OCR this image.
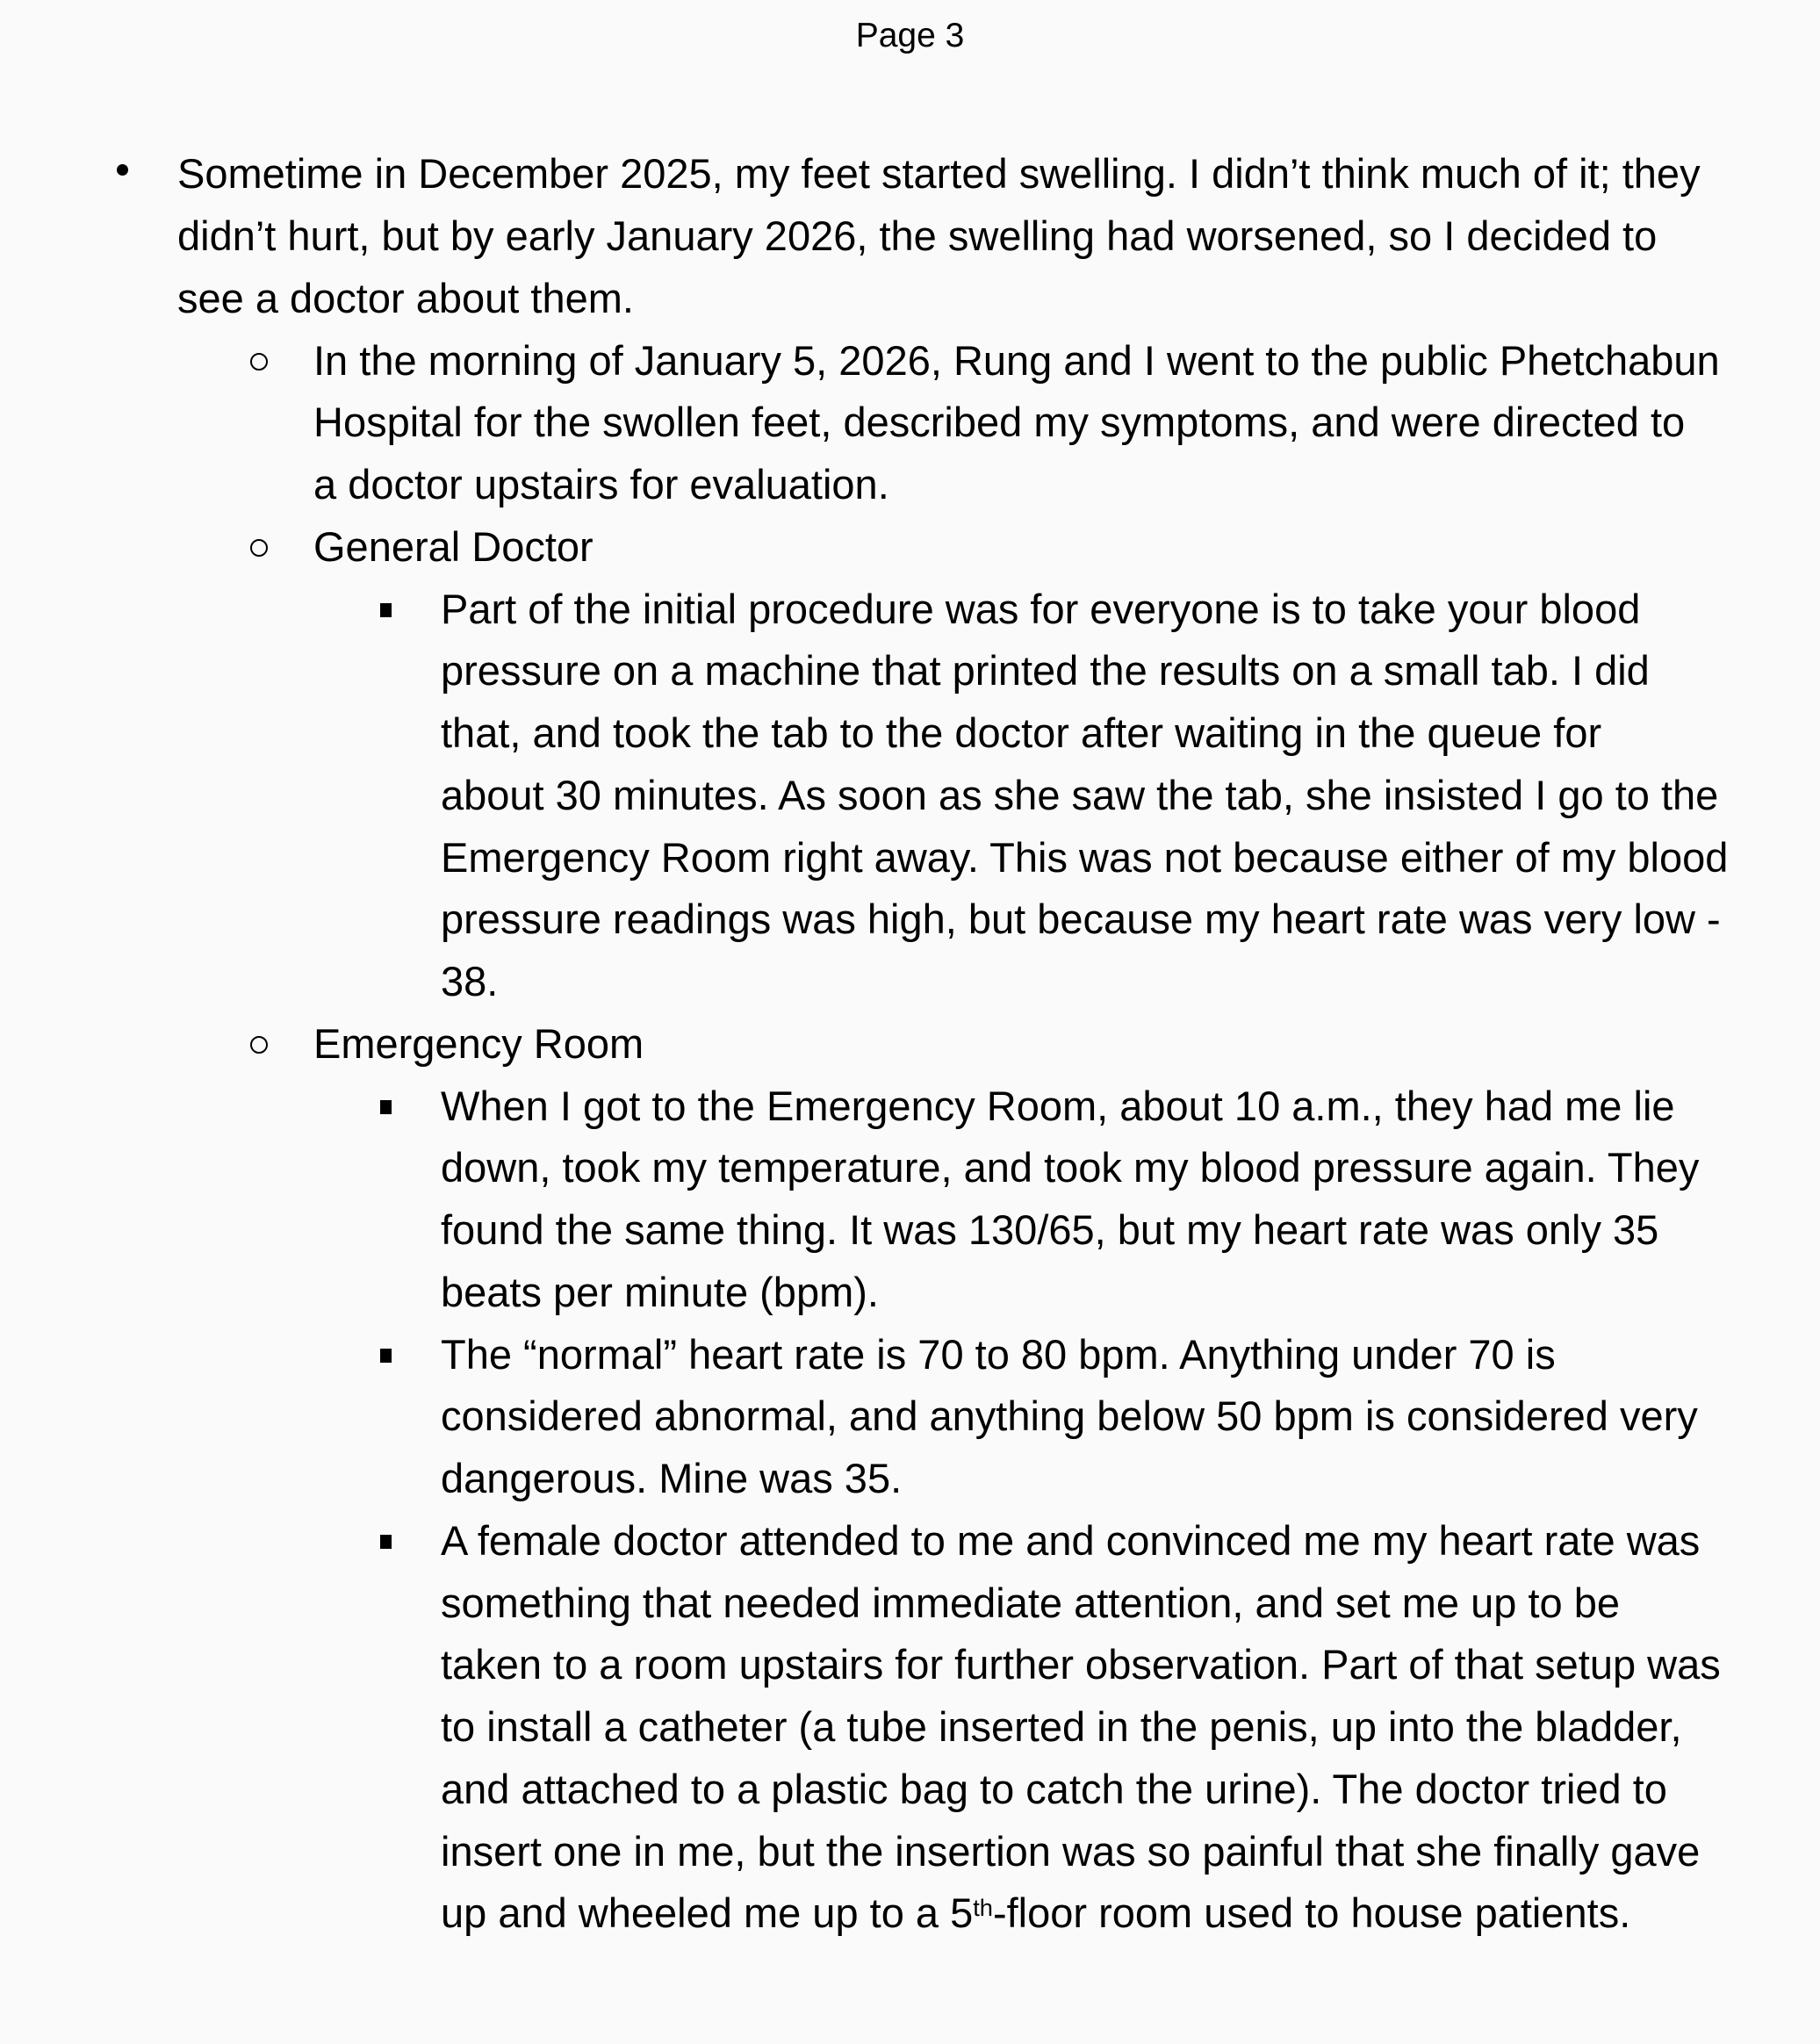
Page 3
Sometime in December 2025, my feet started swelling. I didn’t think much of it; they
didn’t hurt, but by early January 2026, the swelling had worsened, so I decided to
see a doctor about them.
In the morning of January 5, 2026, Rung and I went to the public Phetchabun
Hospital for the swollen feet, described my symptoms, and were directed to
a doctor upstairs for evaluation.
General Doctor
Part of the initial procedure was for everyone is to take your blood
pressure on a machine that printed the results on a small tab. I did
that, and took the tab to the doctor after waiting in the queue for
about 30 minutes. As soon as she saw the tab, she insisted I go to the
Emergency Room right away. This was not because either of my blood
pressure readings was high, but because my heart rate was very low -
38.
Emergency Room
When I got to the Emergency Room, about 10 a.m., they had me lie
down, took my temperature, and took my blood pressure again. They
found the same thing. It was 130/65, but my heart rate was only 35
beats per minute (bpm).
The “normal” heart rate is 70 to 80 bpm. Anything under 70 is
considered abnormal, and anything below 50 bpm is considered very
dangerous. Mine was 35.
A female doctor attended to me and convinced me my heart rate was
something that needed immediate attention, and set me up to be
taken to a room upstairs for further observation. Part of that setup was
to install a catheter (a tube inserted in the penis, up into the bladder,
and attached to a plastic bag to catch the urine). The doctor tried to
insert one in me, but the insertion was so painful that she finally gave
up and wheeled me up to a 5th-floor room used to house patients.
